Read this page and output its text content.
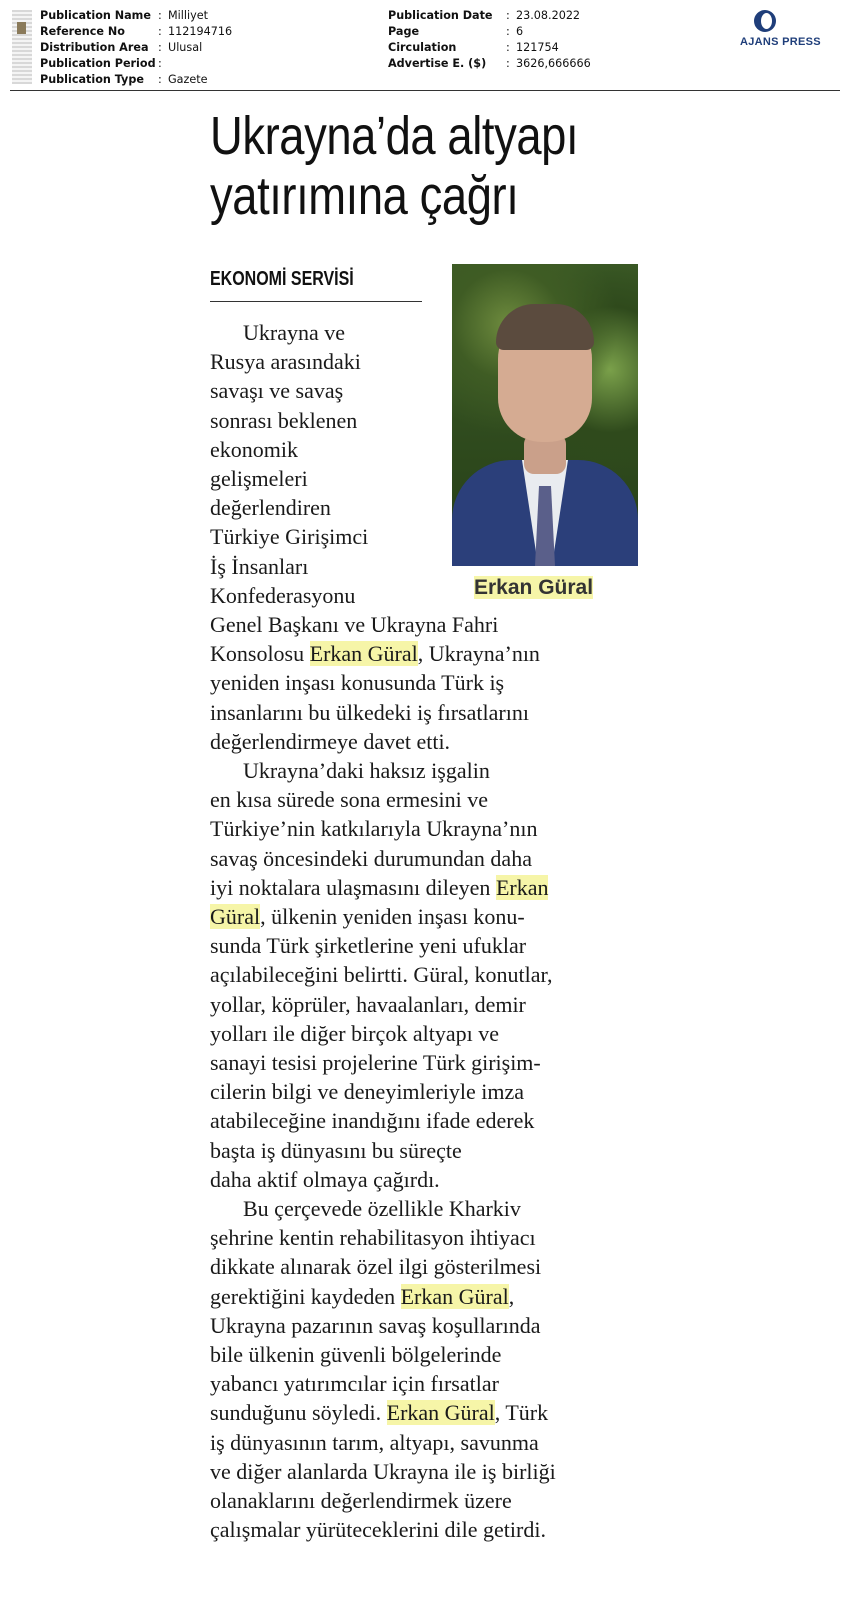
Publication Name : Milliyet
Reference No	: 112194716
Distribution Area : Ulusal
Publication Period :
Publication Type : Gazete
Publication Date : 23.08.2022
Page	: 6
Circulation	: 121754
Advertise E. ($) : 3626,666666
AJANS PRESS
Ukrayna’da altyapı
yatırımına çağrı
EKONOMİ SERVİSİ
Erkan Güral
Ukrayna ve
Rusya arasındaki
savaşı ve savaş
sonrası beklenen
ekonomik
gelişmeleri
değerlendiren
Türkiye Girişimci
İş İnsanları
Konfederasyonu
Genel Başkanı ve Ukrayna Fahri
Konsolosu Erkan Güral, Ukrayna’nın
yeniden inşası konusunda Türk iş
insanlarını bu ülkedeki iş fırsatlarını
değerlendirmeye davet etti.
Ukrayna’daki haksız işgalin
en kısa sürede sona ermesini ve
Türkiye’nin katkılarıyla Ukrayna’nın
savaş öncesindeki durumundan daha
iyi noktalara ulaşmasını dileyen Erkan
Güral, ülkenin yeniden inşası konu-
sunda Türk şirketlerine yeni ufuklar
açılabileceğini belirtti. Güral, konutlar,
yollar, köprüler, havaalanları, demir
yolları ile diğer birçok altyapı ve
sanayi tesisi projelerine Türk girişim-
cilerin bilgi ve deneyimleriyle imza
atabileceğine inandığını ifade ederek
başta iş dünyasını bu süreçte
daha aktif olmaya çağırdı.
Bu çerçevede özellikle Kharkiv
şehrine kentin rehabilitasyon ihtiyacı
dikkate alınarak özel ilgi gösterilmesi
gerektiğini kaydeden Erkan Güral,
Ukrayna pazarının savaş koşullarında
bile ülkenin güvenli bölgelerinde
yabancı yatırımcılar için fırsatlar
sunduğunu söyledi. Erkan Güral, Türk
iş dünyasının tarım, altyapı, savunma
ve diğer alanlarda Ukrayna ile iş birliği
olanaklarını değerlendirmek üzere
çalışmalar yürüteceklerini dile getirdi.
